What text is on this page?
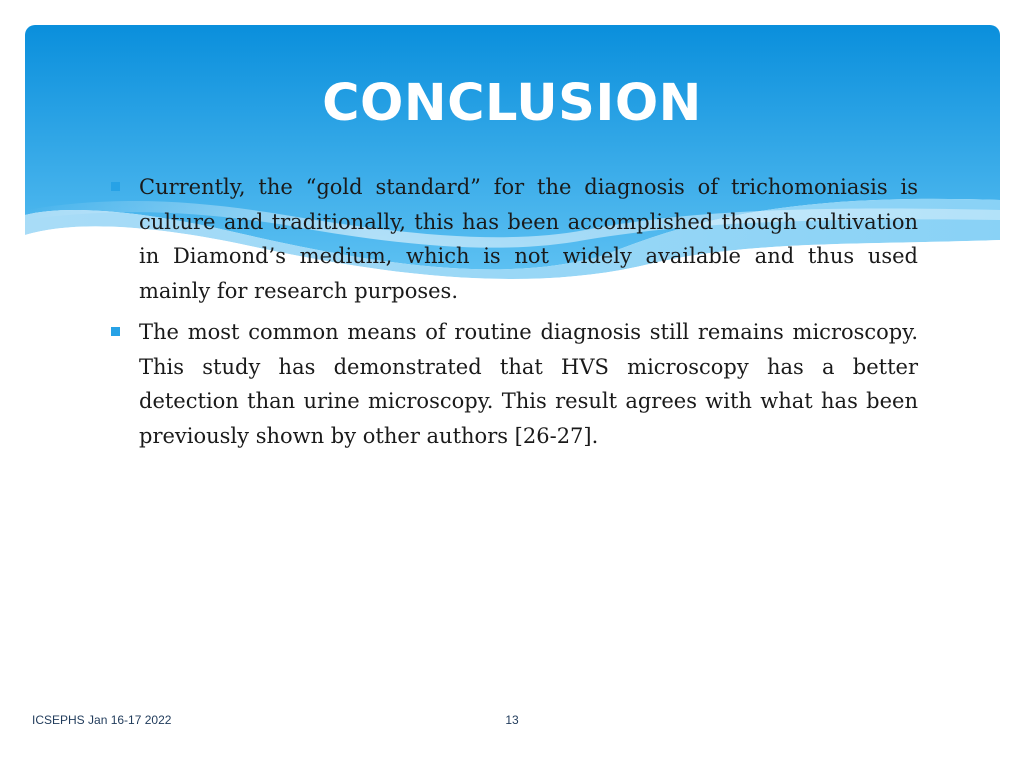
CONCLUSION
Currently, the “gold standard” for the diagnosis of trichomoniasis is culture and traditionally, this has been accomplished though cultivation in Diamond’s medium, which is not widely available and thus used mainly for research purposes.
The most common means of routine diagnosis still remains microscopy. This study has demonstrated that HVS microscopy has a better detection than urine microscopy. This result agrees with what has been previously shown by other authors [26-27].
ICSEPHS Jan 16-17 2022	13
